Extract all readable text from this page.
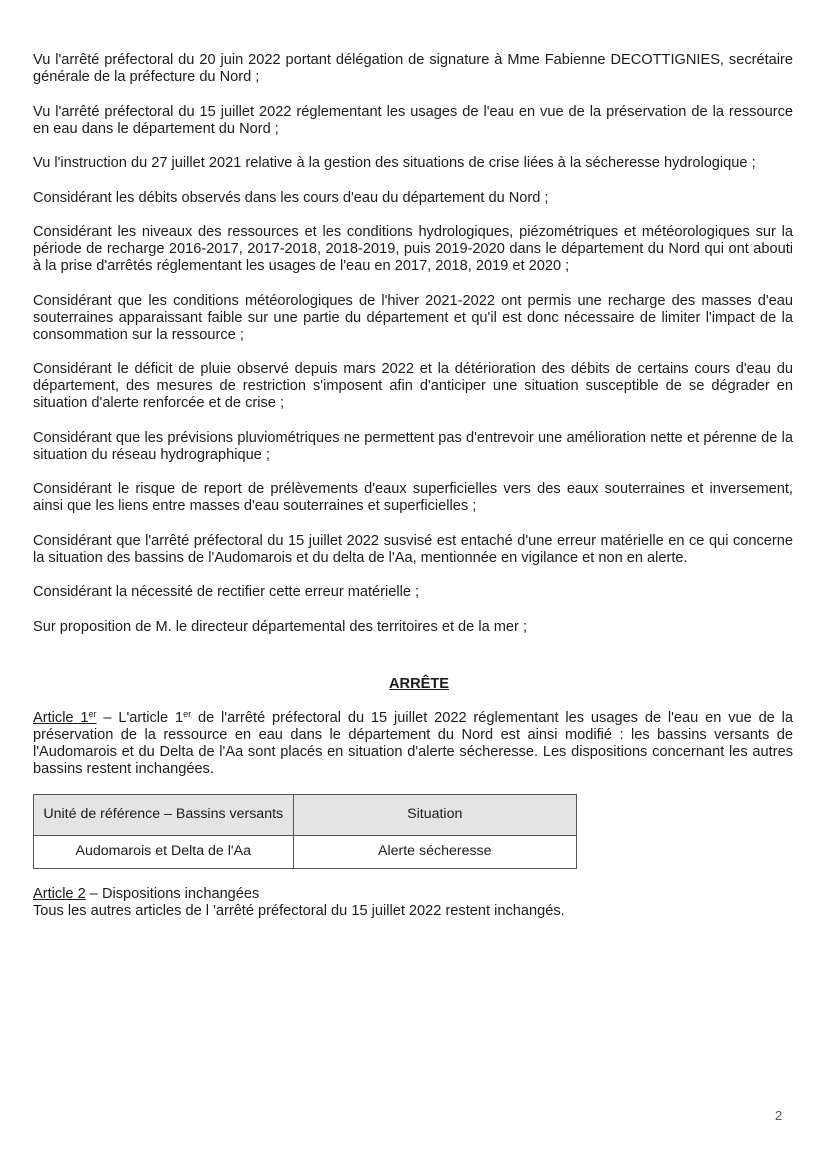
Vu l'arrêté préfectoral du 20 juin 2022 portant délégation de signature à Mme Fabienne DECOTTIGNIES, secrétaire générale de la préfecture du Nord ;

Vu l'arrêté préfectoral du 15 juillet 2022 réglementant les usages de l'eau en vue de la préservation de la ressource en eau dans le département du Nord ;

Vu l'instruction du 27 juillet 2021 relative à la gestion des situations de crise liées à la sécheresse hydrologique ;

Considérant les débits observés dans les cours d'eau du département du Nord ;

Considérant les niveaux des ressources et les conditions hydrologiques, piézométriques et météorologiques sur la période de recharge 2016-2017, 2017-2018, 2018-2019, puis 2019-2020 dans le département du Nord qui ont abouti à la prise d'arrêtés réglementant les usages de l'eau en 2017, 2018, 2019 et 2020 ;

Considérant que les conditions météorologiques de l'hiver 2021-2022 ont permis une recharge des masses d'eau souterraines apparaissant faible sur une partie du département et qu'il est donc nécessaire de limiter l'impact de la consommation sur la ressource ;

Considérant le déficit de pluie observé depuis mars 2022 et la détérioration des débits de certains cours d'eau du département, des mesures de restriction s'imposent afin d'anticiper une situation susceptible de se dégrader en situation d'alerte renforcée et de crise ;

Considérant que les prévisions pluviométriques ne permettent pas d'entrevoir une amélioration nette et pérenne de la situation du réseau hydrographique ;

Considérant le risque de report de prélèvements d'eaux superficielles vers des eaux souterraines et inversement, ainsi que les liens entre masses d'eau souterraines et superficielles ;

Considérant que l'arrêté préfectoral du 15 juillet 2022 susvisé est entaché d'une erreur matérielle en ce qui concerne la situation des bassins de l'Audomarois et du delta de l'Aa, mentionnée en vigilance et non en alerte.

Considérant la nécessité de rectifier cette erreur matérielle ;

Sur proposition de M. le directeur départemental des territoires et de la mer ;

ARRÊTE

Article 1er – L'article 1er de l'arrêté préfectoral du 15 juillet 2022 réglementant les usages de l'eau en vue de la préservation de la ressource en eau dans le département du Nord est ainsi modifié : les bassins versants de l'Audomarois et du Delta de l'Aa sont placés en situation d'alerte sécheresse. Les dispositions concernant les autres bassins restent inchangées.

Unité de référence – Bassins versants	Situation
Audomarois et Delta de l'Aa	Alerte sécheresse
Article 2 – Dispositions inchangées
Tous les autres articles de l 'arrêté préfectoral du 15 juillet 2022 restent inchangés.
2
